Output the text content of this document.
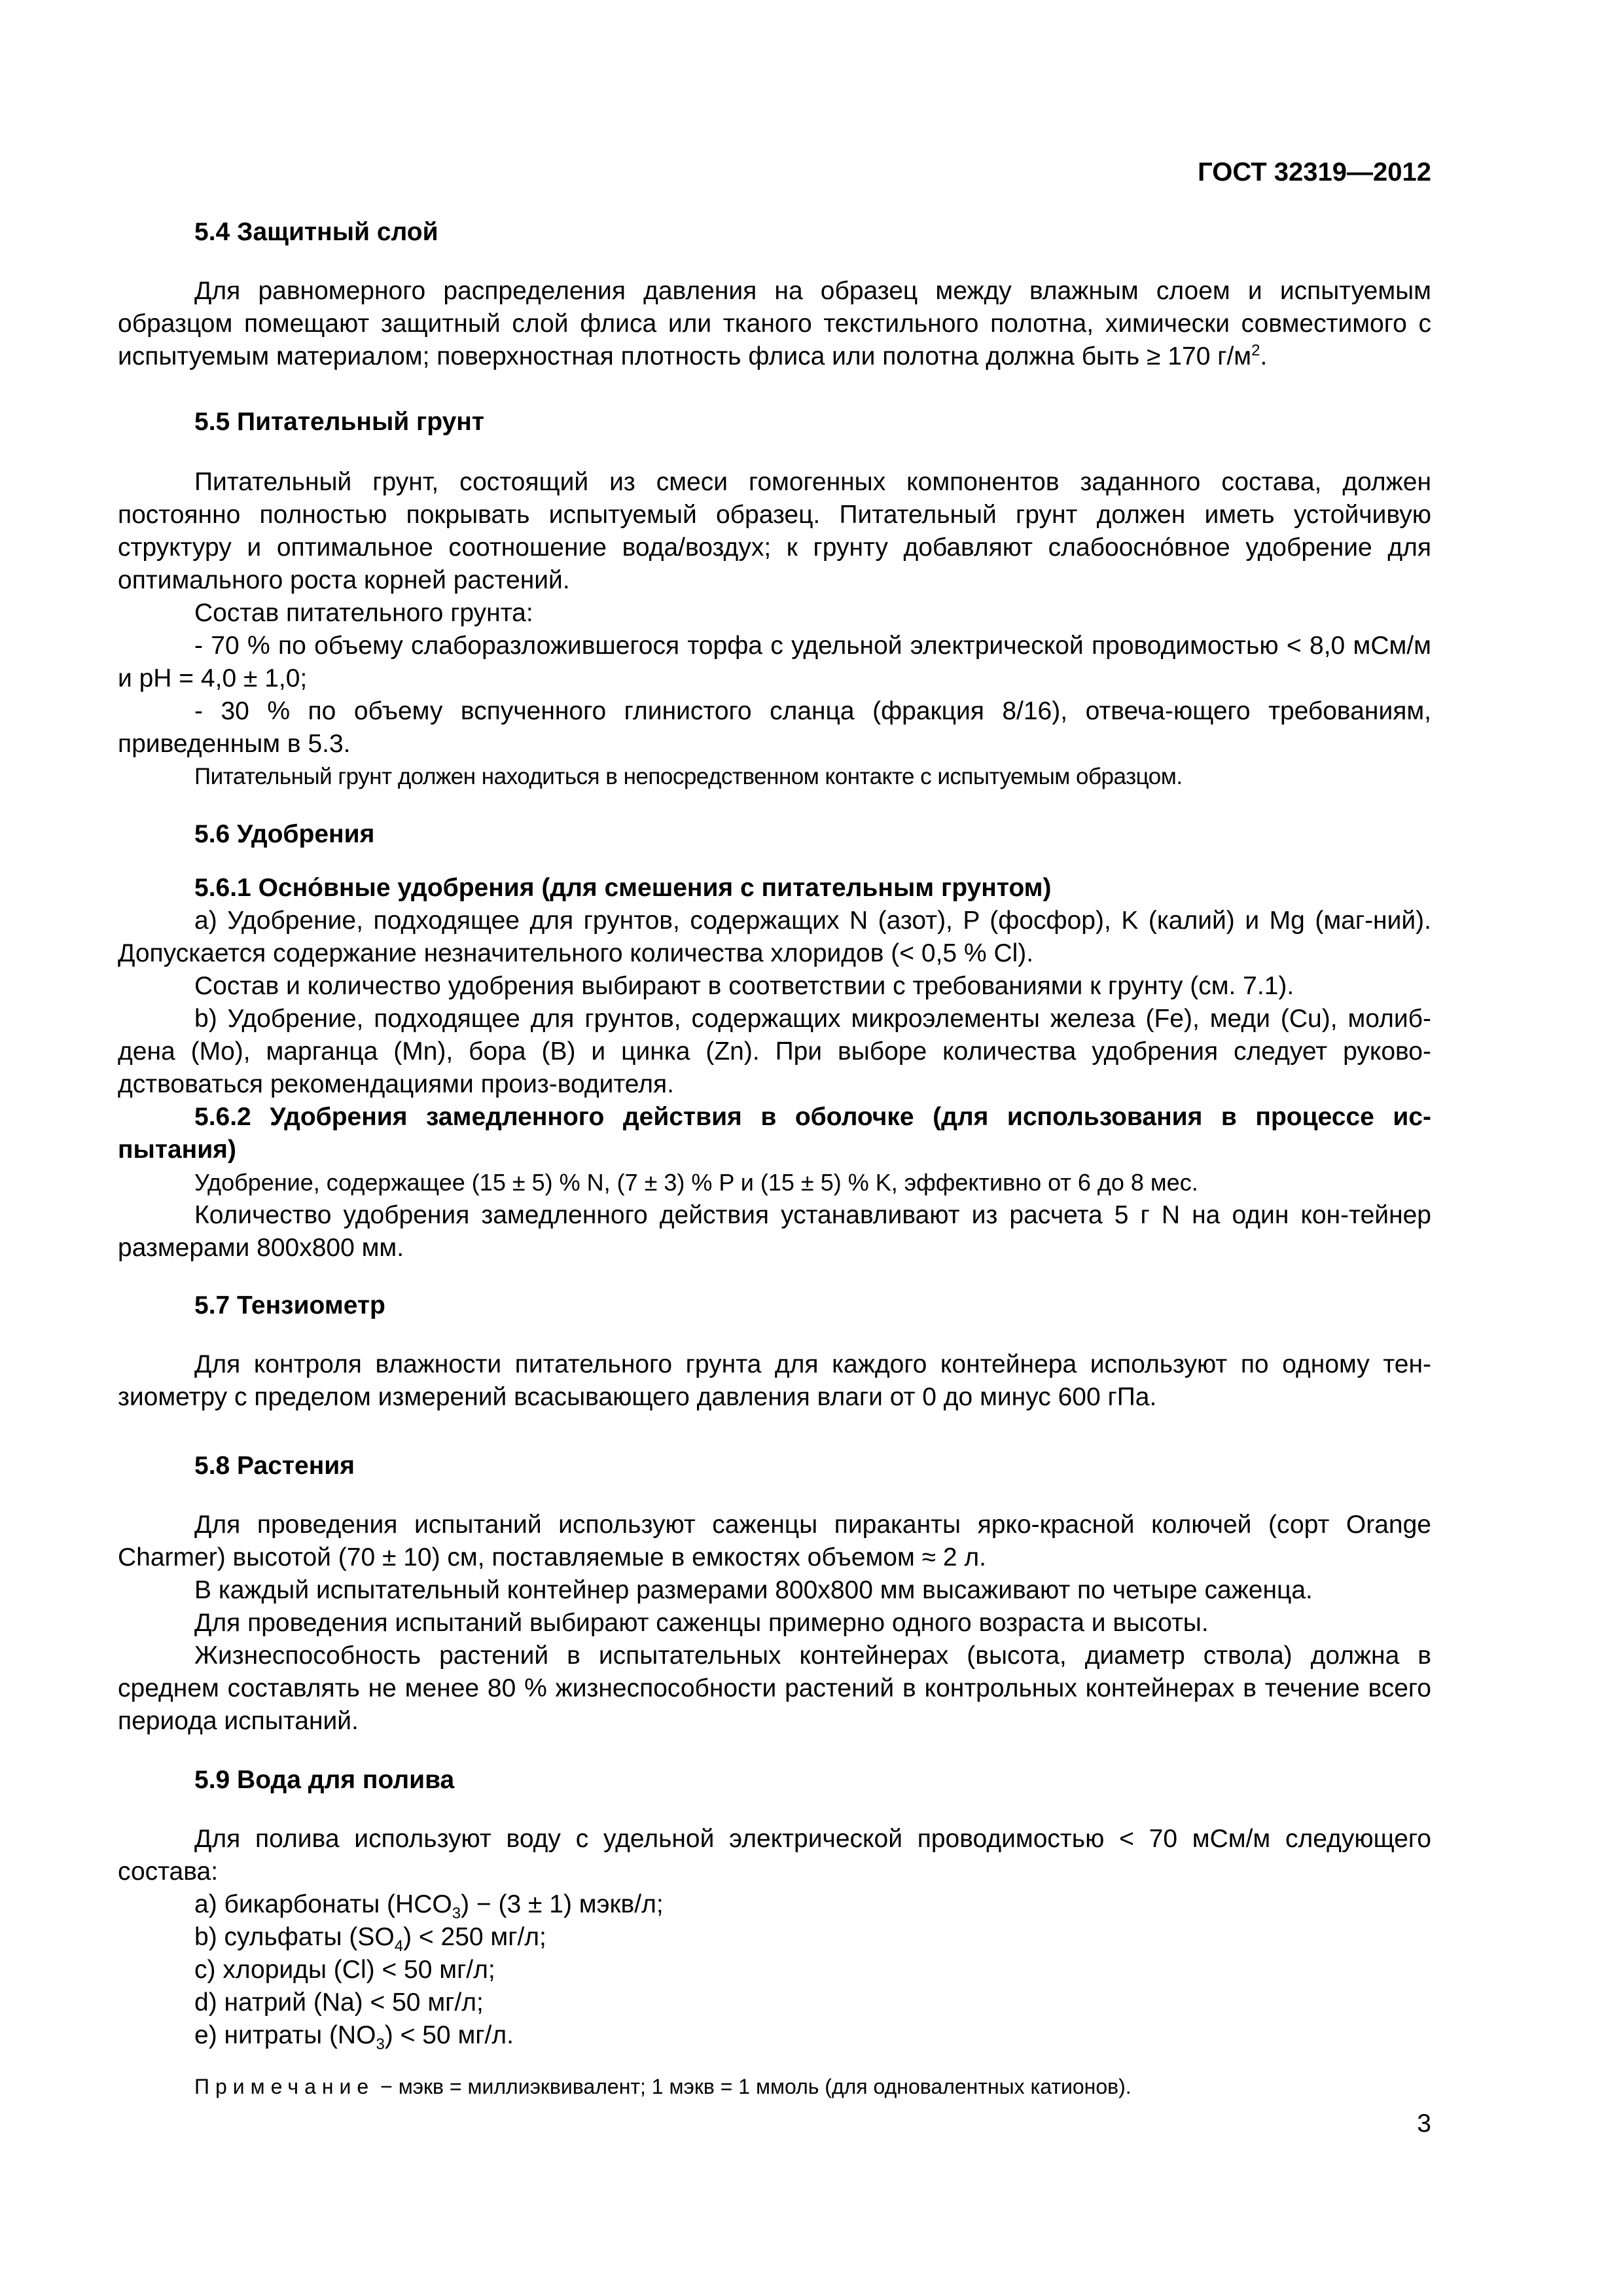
ГОСТ 32319—2012

5.4 Защитный слой

Для равномерного распределения давления на образец между влажным слоем и испытуемым образцом помещают защитный слой флиса или тканого текстильного полотна, химически совместимого с испытуемым материалом; поверхностная плотность флиса или полотна должна быть ≥ 170 $г/м^2$.

5.5 Питательный грунт

Питательный грунт, состоящий из смеси гомогенных компонентов заданного состава, должен постоянно полностью покрывать испытуемый образец. Питательный грунт должен иметь устойчивую структуру и оптимальное соотношение вода/воздух; к грунту добавляют слабоосно́вное удобрение для оптимального роста корней растений.

Состав питательного грунта:

- 70 % по объему слаборазложившегося торфа с удельной электрической проводимостью < 8,0 мСм/м и pH = 4,0 ± 1,0;

- 30 % по объему вспученного глинистого сланца (фракция 8/16), отвеча-ющего требованиям, приведенным в 5.3.

Питательный грунт должен находиться в непосредственном контакте с испытуемым образцом.

5.6 Удобрения

5.6.1 Осно́вные удобрения (для смешения с питательным грунтом)

a) Удобрение, подходящее для грунтов, содержащих N (азот), P (фосфор), K (калий) и Mg (маг-ний). Допускается содержание незначительного количества хлоридов (< 0,5 % Cl).

Состав и количество удобрения выбирают в соответствии с требованиями к грунту (см. 7.1).

b) Удобрение, подходящее для грунтов, содержащих микроэлементы железа (Fe), меди (Cu), молиб-дена (Mo), марганца (Mn), бора (B) и цинка (Zn). При выборе количества удобрения следует руково-дствоваться рекомендациями произ-водителя.

5.6.2 Удобрения замедленного действия в оболочке (для использования в процессе ис-пытания)

Удобрение, содержащее (15 ± 5) % N, (7 ± 3) % P и (15 ± 5) % K, эффективно от 6 до 8 мес.

Количество удобрения замедленного действия устанавливают из расчета 5 г N на один кон-тейнер размерами 800х800 мм.

5.7 Тензиометр

Для контроля влажности питательного грунта для каждого контейнера используют по одному тен-зиометру с пределом измерений всасывающего давления влаги от 0 до минус 600 гПа.

5.8 Растения

Для проведения испытаний используют саженцы пираканты ярко-красной колючей (сорт Orange Charmer) высотой (70 ± 10) см, поставляемые в емкостях объемом ≈ 2 л.

В каждый испытательный контейнер размерами 800х800 мм высаживают по четыре саженца.

Для проведения испытаний выбирают саженцы примерно одного возраста и высоты.

Жизнеспособность растений в испытательных контейнерах (высота, диаметр ствола) должна в среднем составлять не менее 80 % жизнеспособности растений в контрольных контейнерах в течение всего периода испытаний.

5.9 Вода для полива

Для полива используют воду с удельной электрической проводимостью < 70 мСм/м следующего состава:

a) бикарбонаты $(HCO_3) - (3 \pm 1)$ мэкв/л;

b) сульфаты $(SO_4) < 250$ мг/л;

c) хлориды (Cl) < 50 мг/л;

d) натрий (Na) < 50 мг/л;

e) нитраты $(NO_3) < 50$ мг/л.

Примечание − мэкв = миллиэквивалент; 1 мэкв = 1 ммоль (для одновалентных катионов).

3
